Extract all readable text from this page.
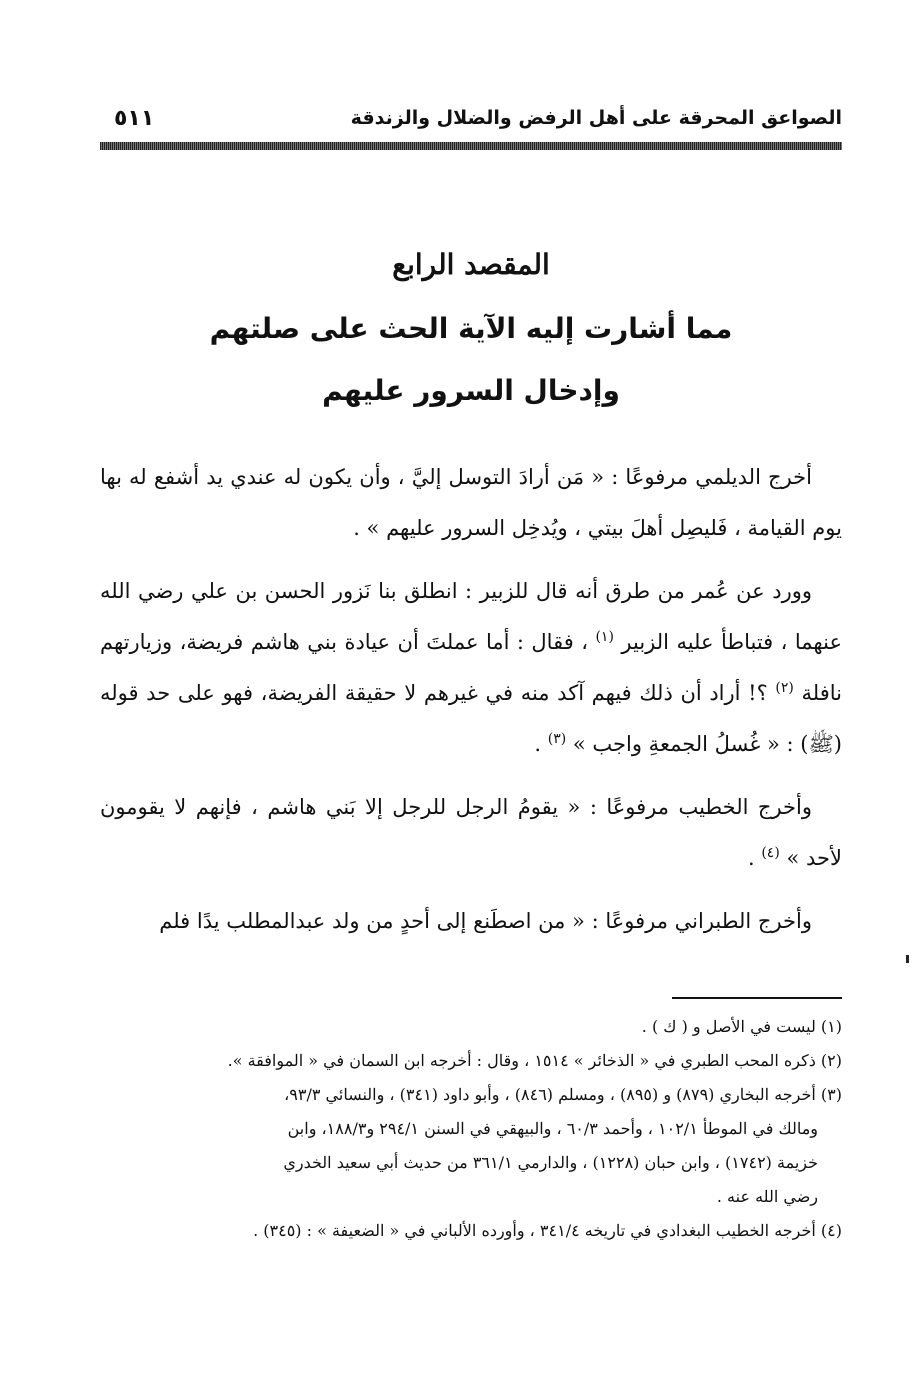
٥١١	الصواعق المحرقة على أهل الرفض والضلال والزندقة
المقصد الرابع
مما أشارت إليه الآية الحث على صلتهم
وإدخال السرور عليهم

أخرج الديلمي مرفوعًا : « مَن أرادَ التوسل إليَّ ، وأن يكون له عندي يد أشفع له بها يوم القيامة ، فَليصِل أهلَ بيتي ، ويُدخِل السرور عليهم » .

وورد عن عُمر من طرق أنه قال للزبير : انطلق بنا نَزور الحسن بن علي رضي الله عنهما ، فتباطأ عليه الزبير $^{(١)}$ ، فقال : أما عملتَ أن عيادة بني هاشم فريضة، وزيارتهم نافلة $^{(٢)}$ ؟! أراد أن ذلك فيهم آكد منه في غيرهم لا حقيقة الفريضة، فهو على حد قوله (ﷺ) : « غُسلُ الجمعةِ واجب » $^{(٣)}$ .

وأخرج الخطيب مرفوعًا : « يقومُ الرجل للرجل إلا بَني هاشم ، فإنهم لا يقومون لأحد » $^{(٤)}$ .

وأخرج الطبراني مرفوعًا : « من اصطَنع إلى أحدٍ من ولد عبدالمطلب يدًا فلم

(١) ليست في الأصل و ( ك ) .

(٢) ذكره المحب الطبري في « الذخائر » ١٥١٤ ، وقال : أخرجه ابن السمان في « الموافقة ».

(٣) أخرجه البخاري (٨٧٩) و (٨٩٥) ، ومسلم (٨٤٦) ، وأبو داود (٣٤١) ، والنسائي ٩٣/٣،

ومالك في الموطأ ١٠٢/١ ، وأحمد ٦٠/٣ ، والبيهقي في السنن ٢٩٤/١ و١٨٨/٣، وابن

خزيمة (١٧٤٢) ، وابن حبان (١٢٢٨) ، والدارمي ٣٦١/١ من حديث أبي سعيد الخدري

رضي الله عنه .

(٤) أخرجه الخطيب البغدادي في تاريخه ٣٤١/٤ ، وأورده الألباني في « الضعيفة » : (٣٤٥) .
